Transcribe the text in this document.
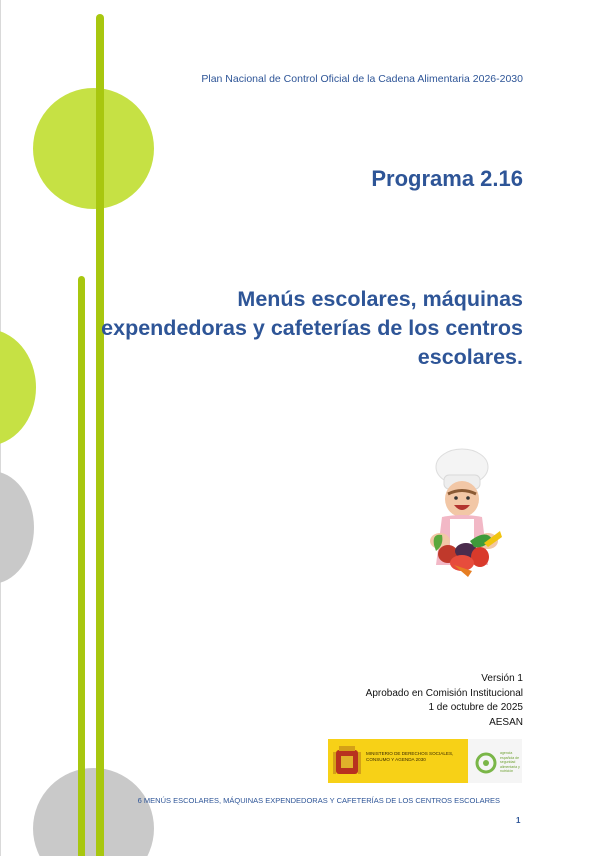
Plan Nacional de Control Oficial de la Cadena Alimentaria 2026-2030
Programa 2.16
Menús escolares, máquinas
expendedoras y cafeterías de los centros
escolares.
Versión 1
Aprobado en Comisión Institucional
1 de octubre de 2025
AESAN
MINISTERIO DE DERECHOS SOCIALES, CONSUMO Y AGENDA 2030
agencia española de seguridad alimentaria y nutrición
6 MENÚS ESCOLARES, MÁQUINAS EXPENDEDORAS Y CAFETERÍAS DE LOS CENTROS ESCOLARES
1
